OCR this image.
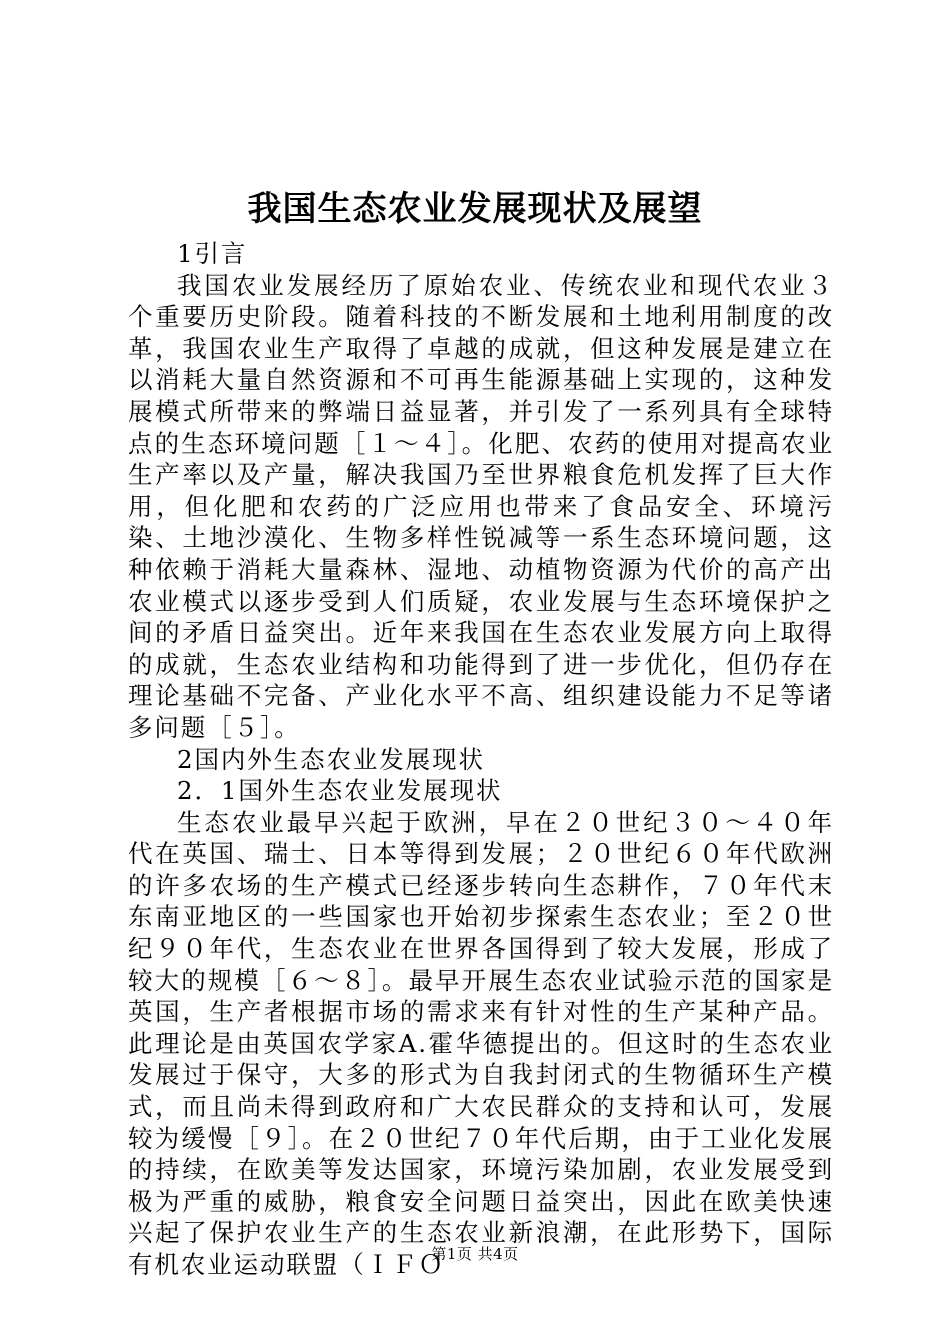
我国生态农业发展现状及展望

1引言

我国农业发展经历了原始农业、传统农业和现代农业３个重要历史阶段。随着科技的不断发展和土地利用制度的改革，我国农业生产取得了卓越的成就，但这种发展是建立在以消耗大量自然资源和不可再生能源基础上实现的，这种发展模式所带来的弊端日益显著，并引发了一系列具有全球特点的生态环境问题［１～４］。化肥、农药的使用对提高农业生产率以及产量，解决我国乃至世界粮食危机发挥了巨大作用，但化肥和农药的广泛应用也带来了食品安全、环境污染、土地沙漠化、生物多样性锐减等一系生态环境问题，这种依赖于消耗大量森林、湿地、动植物资源为代价的高产出农业模式以逐步受到人们质疑，农业发展与生态环境保护之间的矛盾日益突出。近年来我国在生态农业发展方向上取得的成就，生态农业结构和功能得到了进一步优化，但仍存在理论基础不完备、产业化水平不高、组织建设能力不足等诸多问题［５］。

2国内外生态农业发展现状

2．1国外生态农业发展现状

生态农业最早兴起于欧洲，早在２０世纪３０～４０年代在英国、瑞士、日本等得到发展；２０世纪６０年代欧洲的许多农场的生产模式已经逐步转向生态耕作，７０年代末东南亚地区的一些国家也开始初步探索生态农业；至２０世纪９０年代，生态农业在世界各国得到了较大发展，形成了较大的规模［６～８］。最早开展生态农业试验示范的国家是英国，生产者根据市场的需求来有针对性的生产某种产品。此理论是由英国农学家A.霍华德提出的。但这时的生态农业发展过于保守，大多的形式为自我封闭式的生物循环生产模式，而且尚未得到政府和广大农民群众的支持和认可，发展较为缓慢［９］。在２０世纪７０年代后期，由于工业化发展的持续，在欧美等发达国家，环境污染加剧，农业发展受到极为严重的威胁，粮食安全问题日益突出，因此在欧美快速兴起了保护农业生产的生态农业新浪潮，在此形势下，国际有机农业运动联盟（ＩＦＯ

第1页 共4页
